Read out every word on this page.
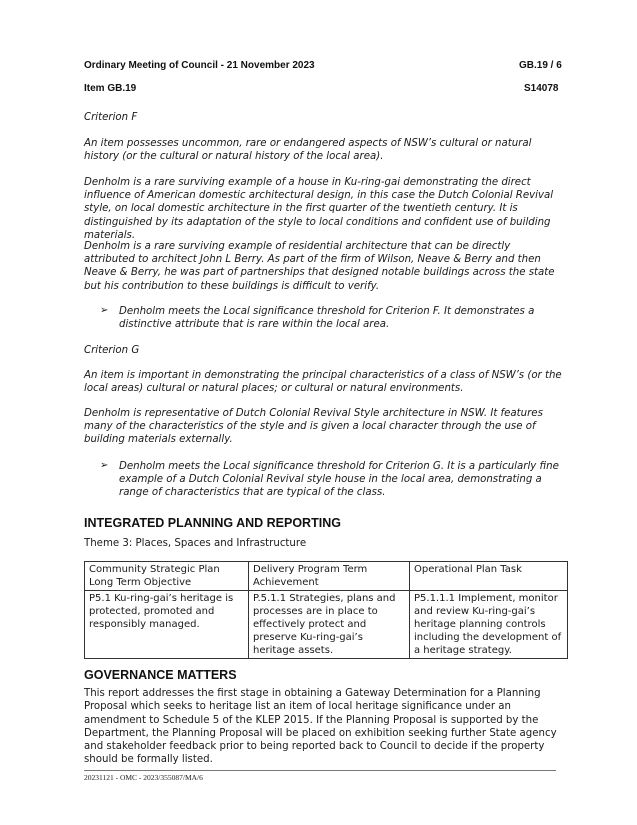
Ordinary Meeting of Council - 21 November 2023	GB.19 / 6
Item GB.19	S14078

Criterion F

An item possesses uncommon, rare or endangered aspects of NSW’s cultural or natural history (or the cultural or natural history of the local area).

Denholm is a rare surviving example of a house in Ku-ring-gai demonstrating the direct influence of American domestic architectural design, in this case the Dutch Colonial Revival style, on local domestic architecture in the first quarter of the twentieth century. It is distinguished by its adaptation of the style to local conditions and confident use of building materials.

Denholm is a rare surviving example of residential architecture that can be directly attributed to architect John L Berry. As part of the firm of Wilson, Neave & Berry and then Neave & Berry, he was part of partnerships that designed notable buildings across the state but his contribution to these buildings is difficult to verify.

➢ Denholm meets the Local significance threshold for Criterion F. It demonstrates a distinctive attribute that is rare within the local area.

Criterion G

An item is important in demonstrating the principal characteristics of a class of NSW’s (or the local areas) cultural or natural places; or cultural or natural environments.

Denholm is representative of Dutch Colonial Revival Style architecture in NSW. It features many of the characteristics of the style and is given a local character through the use of building materials externally.

➢ Denholm meets the Local significance threshold for Criterion G. It is a particularly fine example of a Dutch Colonial Revival style house in the local area, demonstrating a range of characteristics that are typical of the class.

INTEGRATED PLANNING AND REPORTING

Theme 3: Places, Spaces and Infrastructure

Community Strategic Plan Long Term Objective	Delivery Program Term Achievement	Operational Plan Task
P5.1 Ku-ring-gai’s heritage is protected, promoted and responsibly managed.	P.5.1.1 Strategies, plans and processes are in place to effectively protect and preserve Ku-ring-gai’s heritage assets.	P5.1.1.1 Implement, monitor and review Ku-ring-gai’s heritage planning controls including the development of a heritage strategy.
GOVERNANCE MATTERS

This report addresses the first stage in obtaining a Gateway Determination for a Planning Proposal which seeks to heritage list an item of local heritage significance under an amendment to Schedule 5 of the KLEP 2015. If the Planning Proposal is supported by the Department, the Planning Proposal will be placed on exhibition seeking further State agency and stakeholder feedback prior to being reported back to Council to decide if the property should be formally listed.

20231121 - OMC - 2023/355087/MA/6
